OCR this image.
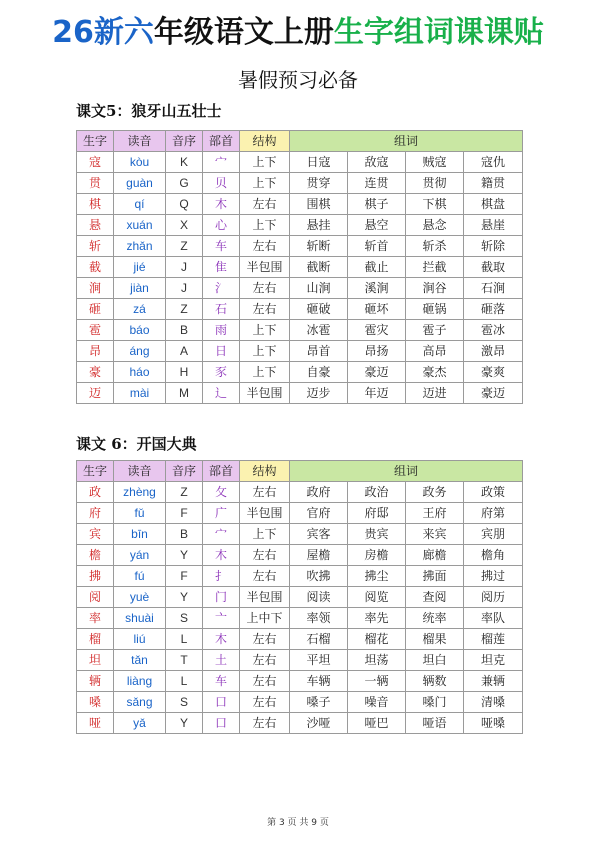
26新六年级语文上册生字组词课课贴
暑假预习必备
课文5：狼牙山五壮士
生字	读音	音序	部首	结构	组词			
寇	kòu	K	宀	上下	日寇	敌寇	贼寇	寇仇
贯	guàn	G	贝	上下	贯穿	连贯	贯彻	籍贯
棋	qí	Q	木	左右	围棋	棋子	下棋	棋盘
悬	xuán	X	心	上下	悬挂	悬空	悬念	悬崖
斩	zhǎn	Z	车	左右	斩断	斩首	斩杀	斩除
截	jié	J	隹	半包围	截断	截止	拦截	截取
涧	jiàn	J	氵	左右	山涧	溪涧	涧谷	石涧
砸	zá	Z	石	左右	砸破	砸坏	砸锅	砸落
雹	báo	B	雨	上下	冰雹	雹灾	雹子	雹冰
昂	áng	A	日	上下	昂首	昂扬	高昂	激昂
豪	háo	H	豕	上下	自豪	豪迈	豪杰	豪爽
迈	mài	M	辶	半包围	迈步	年迈	迈进	豪迈
课文 6：开国大典
生字	读音	音序	部首	结构	组词			
政	zhèng	Z	攵	左右	政府	政治	政务	政策
府	fǔ	F	广	半包围	官府	府邸	王府	府第
宾	bīn	B	宀	上下	宾客	贵宾	来宾	宾朋
檐	yán	Y	木	左右	屋檐	房檐	廊檐	檐角
拂	fú	F	扌	左右	吹拂	拂尘	拂面	拂过
阅	yuè	Y	门	半包围	阅读	阅览	查阅	阅历
率	shuài	S	亠	上中下	率领	率先	统率	率队
榴	liú	L	木	左右	石榴	榴花	榴果	榴莲
坦	tǎn	T	土	左右	平坦	坦荡	坦白	坦克
辆	liàng	L	车	左右	车辆	一辆	辆数	兼辆
嗓	sǎng	S	口	左右	嗓子	噪音	嗓门	清嗓
哑	yǎ	Y	口	左右	沙哑	哑巴	哑语	哑嗓
第 3 页 共 9 页
